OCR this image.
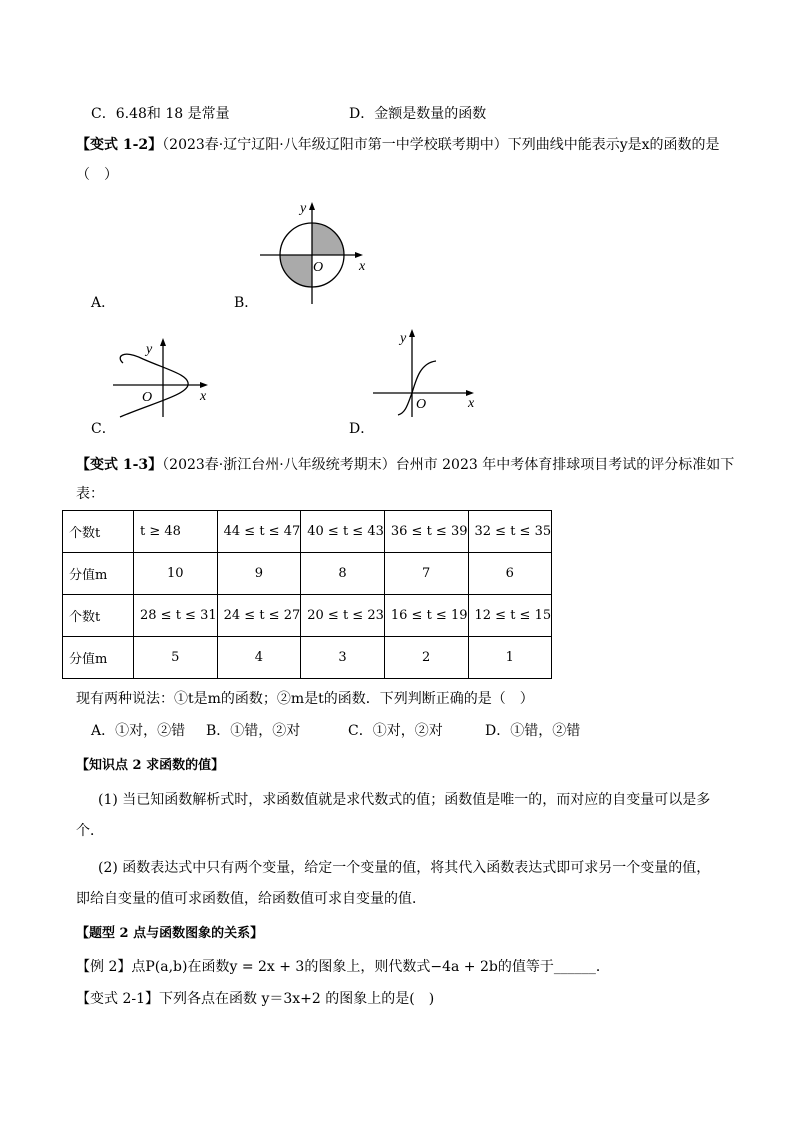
C．6.48和 18 是常量	D．金额是数量的函数
【变式 1-2】（2023春·辽宁辽阳·八年级辽阳市第一中学校联考期中）下列曲线中能表示y是x的函数的是
（　）
y
x
O
A．	B．
y
x
O
y
x
O
C．	D．
【变式 1-3】（2023春·浙江台州·八年级统考期末）台州市 2023 年中考体育排球项目考试的评分标准如下
表：
个数t	t ≥ 48	44 ≤ t ≤ 47	40 ≤ t ≤ 43	36 ≤ t ≤ 39	32 ≤ t ≤ 35
分值m	10	9	8	7	6
个数t	28 ≤ t ≤ 31	24 ≤ t ≤ 27	20 ≤ t ≤ 23	16 ≤ t ≤ 19	12 ≤ t ≤ 15
分值m	5	4	3	2	1
现有两种说法：①t是m的函数；②m是t的函数．下列判断正确的是（　）
A．①对，②错 B．①错，②对	C．①对，②对	D．①错，②错
【知识点 2 求函数的值】
(1) 当已知函数解析式时，求函数值就是求代数式的值；函数值是唯一的，而对应的自变量可以是多
个．
(2) 函数表达式中只有两个变量，给定一个变量的值，将其代入函数表达式即可求另一个变量的值，
即给自变量的值可求函数值，给函数值可求自变量的值．
【题型 2 点与函数图象的关系】
【例 2】点P(a,b)在函数y = 2x + 3的图象上，则代数式−4a + 2b的值等于______．
【变式 2-1】下列各点在函数 y＝3x+2 的图象上的是(　)
